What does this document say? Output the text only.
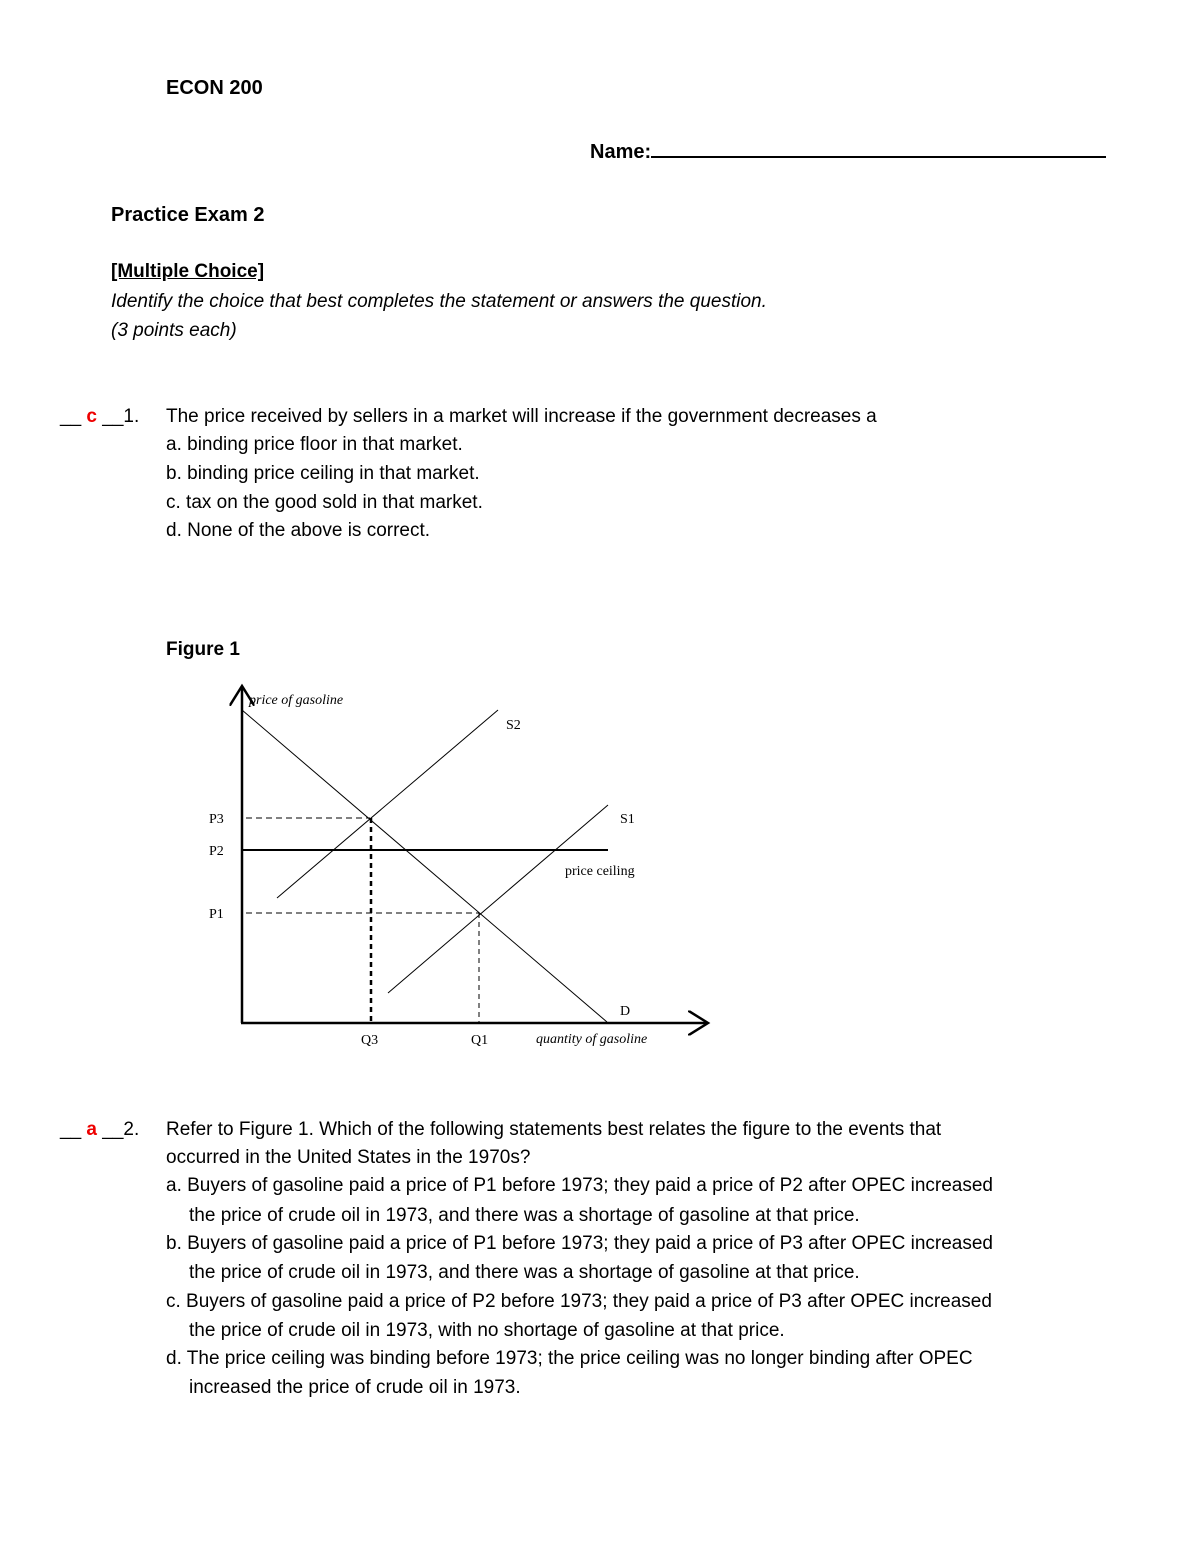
ECON 200
Name:
Practice Exam 2
[Multiple Choice]
Identify the choice that best completes the statement or answers the question.
(3 points each)
__ c __1. The price received by sellers in a market will increase if the government decreases a
a. binding price floor in that market.
b. binding price ceiling in that market.
c. tax on the good sold in that market.
d. None of the above is correct.
Figure 1
price of gasoline
quantity of gasoline
P3
P2
P1
Q3	Q1
S2
S1
D
price ceiling
__ a __2. Refer to Figure 1. Which of the following statements best relates the figure to the events that
occurred in the United States in the 1970s?
a. Buyers of gasoline paid a price of P1 before 1973; they paid a price of P2 after OPEC increased
the price of crude oil in 1973, and there was a shortage of gasoline at that price.
b. Buyers of gasoline paid a price of P1 before 1973; they paid a price of P3 after OPEC increased
the price of crude oil in 1973, and there was a shortage of gasoline at that price.
c. Buyers of gasoline paid a price of P2 before 1973; they paid a price of P3 after OPEC increased
the price of crude oil in 1973, with no shortage of gasoline at that price.
d. The price ceiling was binding before 1973; the price ceiling was no longer binding after OPEC
increased the price of crude oil in 1973.
